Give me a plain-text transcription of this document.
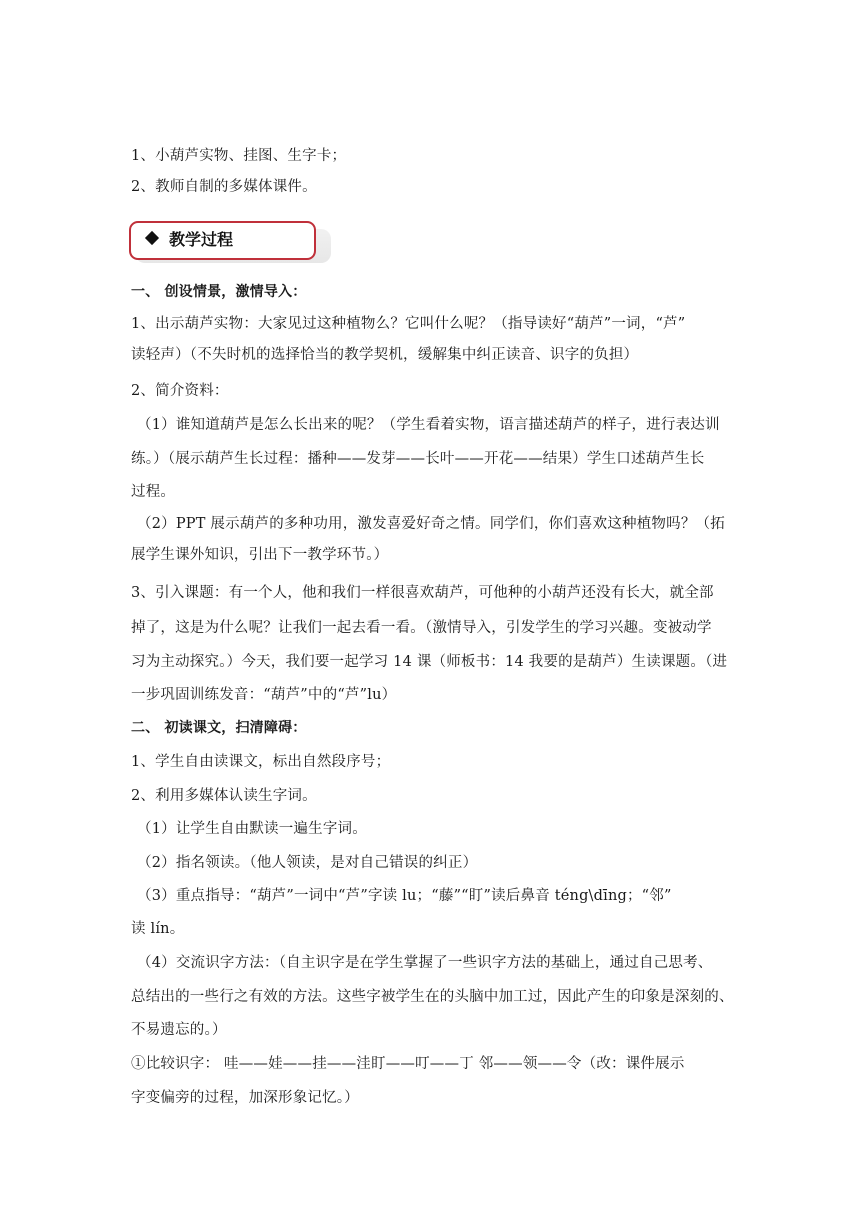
1、小葫芦实物、挂图、生字卡；
2、教师自制的多媒体课件。
教学过程
一、 创设情景，激情导入：
1、出示葫芦实物：大家见过这种植物么？它叫什么呢？（指导读好“葫芦”一词，“芦”
读轻声）（不失时机的选择恰当的教学契机，缓解集中纠正读音、识字的负担）
2、简介资料：
（1）谁知道葫芦是怎么长出来的呢？（学生看着实物，语言描述葫芦的样子，进行表达训
练。）（展示葫芦生长过程：播种——发芽——长叶——开花——结果）学生口述葫芦生长
过程。
（2）PPT 展示葫芦的多种功用，激发喜爱好奇之情。同学们，你们喜欢这种植物吗？（拓
展学生课外知识，引出下一教学环节。）
3、引入课题：有一个人，他和我们一样很喜欢葫芦，可他种的小葫芦还没有长大，就全部
掉了，这是为什么呢？让我们一起去看一看。（激情导入，引发学生的学习兴趣。变被动学
习为主动探究。）今天，我们要一起学习 14 课（师板书：14 我要的是葫芦）生读课题。（进
一步巩固训练发音：“葫芦”中的“芦”lu）
二、 初读课文，扫清障碍：
1、学生自由读课文，标出自然段序号；
2、利用多媒体认读生字词。
（1）让学生自由默读一遍生字词。
（2）指名领读。（他人领读，是对自己错误的纠正）
（3）重点指导：“葫芦”一词中“芦”字读 lu；“藤”“盯”读后鼻音 téng\dīng；“邻”
读 lín。
（4）交流识字方法：（自主识字是在学生掌握了一些识字方法的基础上，通过自己思考、
总结出的一些行之有效的方法。这些字被学生在的头脑中加工过，因此产生的印象是深刻的、
不易遗忘的。）
①比较识字： 哇——娃——挂——洼盯——叮——丁 邻——领——令（改：课件展示
字变偏旁的过程，加深形象记忆。）
